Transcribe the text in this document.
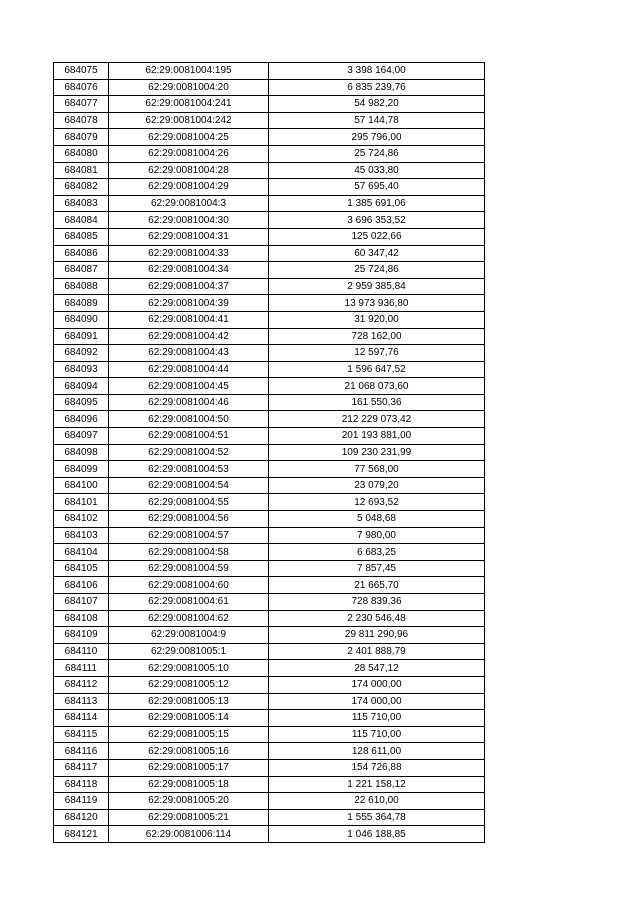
684075	62:29:0081004:195	3 398 164,00
684076	62:29:0081004:20	6 835 239,76
684077	62:29:0081004:241	54 982,20
684078	62:29:0081004:242	57 144,78
684079	62:29:0081004:25	295 796,00
684080	62:29:0081004:26	25 724,86
684081	62:29:0081004:28	45 033,80
684082	62:29:0081004:29	57 695,40
684083	62:29:0081004:3	1 385 691,06
684084	62:29:0081004:30	3 696 353,52
684085	62:29:0081004:31	125 022,66
684086	62:29:0081004:33	60 347,42
684087	62:29:0081004:34	25 724,86
684088	62:29:0081004:37	2 959 385,84
684089	62:29:0081004:39	13 973 936,80
684090	62:29:0081004:41	31 920,00
684091	62:29:0081004:42	728 162,00
684092	62:29:0081004:43	12 597,76
684093	62:29:0081004:44	1 596 647,52
684094	62:29:0081004:45	21 068 073,60
684095	62:29:0081004:46	161 550,36
684096	62:29:0081004:50	212 229 073,42
684097	62:29:0081004:51	201 193 881,00
684098	62:29:0081004:52	109 230 231,99
684099	62:29:0081004:53	77 568,00
684100	62:29:0081004:54	23 079,20
684101	62:29:0081004:55	12 693,52
684102	62:29:0081004:56	5 048,68
684103	62:29:0081004:57	7 980,00
684104	62:29:0081004:58	6 683,25
684105	62:29:0081004:59	7 857,45
684106	62:29:0081004:60	21 665,70
684107	62:29:0081004:61	728 839,36
684108	62:29:0081004:62	2 230 546,48
684109	62:29:0081004:9	29 811 290,96
684110	62:29:0081005:1	2 401 888,79
684111	62:29:0081005:10	28 547,12
684112	62:29:0081005:12	174 000,00
684113	62:29:0081005:13	174 000,00
684114	62:29:0081005:14	115 710,00
684115	62:29:0081005:15	115 710,00
684116	62:29:0081005:16	128 611,00
684117	62:29:0081005:17	154 726,88
684118	62:29:0081005:18	1 221 158,12
684119	62:29:0081005:20	22 610,00
684120	62:29:0081005:21	1 555 364,78
684121	62:29:0081006:114	1 046 188,85
